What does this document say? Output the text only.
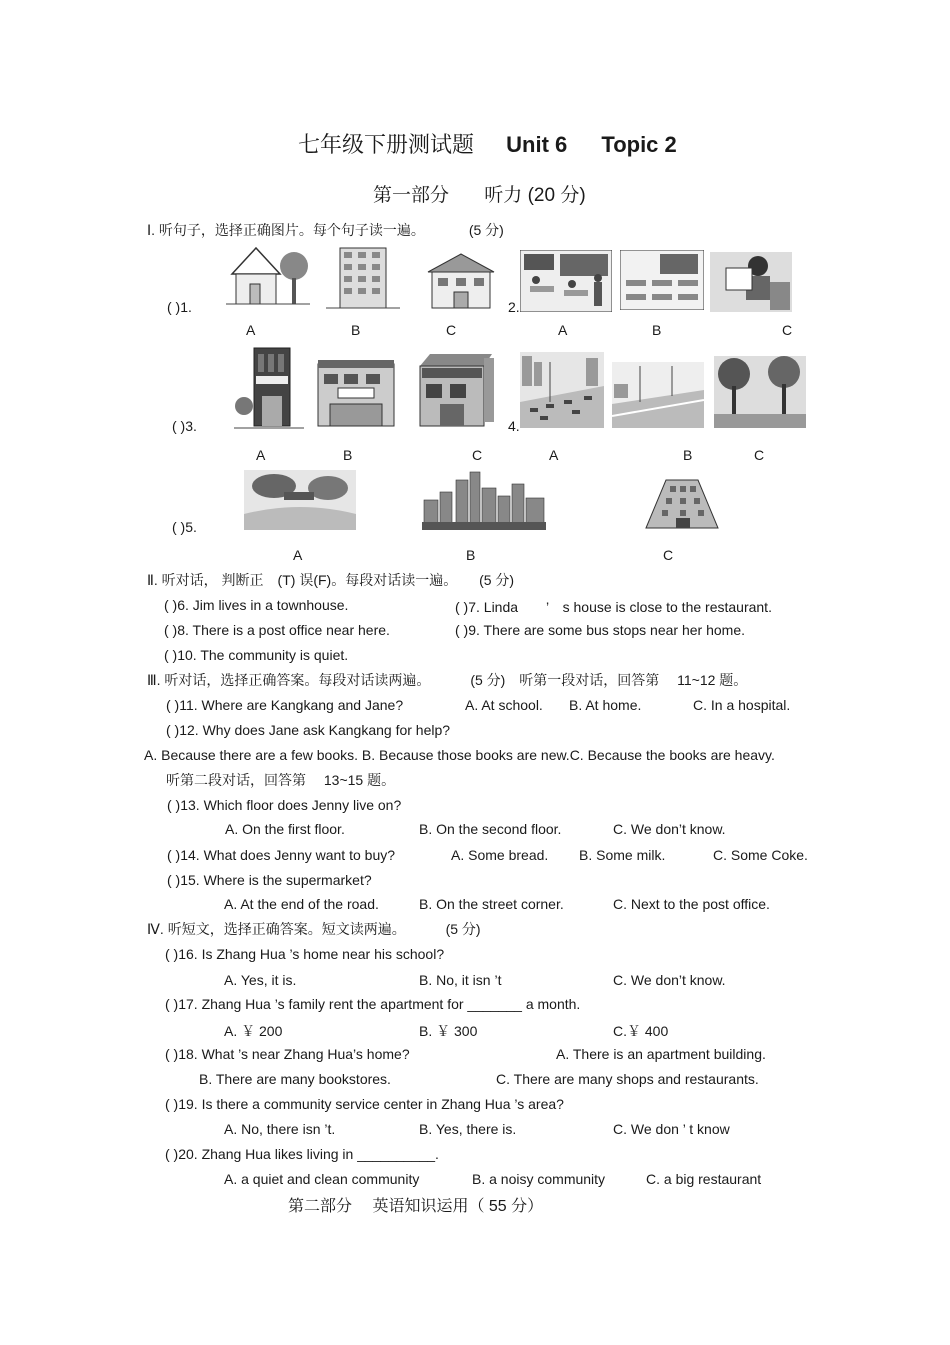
七年级下册测试题 Unit 6 Topic 2
第一部分 听力 (20 分)
Ⅰ. 听句子，选择正确图片。每个句子读一遍。	(5 分)
( )1.	2.
A	B	C	A	B	C
( )3.	4.
A	B	C	A	B	C
( )5.
A	B	C
Ⅱ. 听对话， 判断正　(T) 误(F)。每段对话读一遍。 (5 分)
( )6. Jim lives in a townhouse.	( )7. Linda　　’　s house is close to the restaurant.
( )8. There is a post office near here.	( )9. There are some bus stops near her home.
( )10. The community is quiet.
Ⅲ. 听对话，选择正确答案。每段对话读两遍。	(5 分) 听第一段对话，回答第　 11~12 题。
( )11. Where are Kangkang and Jane?	A. At school. B. At home.	C. In a hospital.
( )12. Why does Jane ask Kangkang for help?
A. Because there are a few books. B. Because those books are new.C. Because the books are heavy.
听第二段对话，回答第　 13~15 题。
( )13. Which floor does Jenny live on?
A. On the first floor.	B. On the second floor.	C. We don’t know.
( )14. What does Jenny want to buy?	A. Some bread. B. Some milk.	C. Some Coke.
( )15. Where is the supermarket?
A. At the end of the road.	B. On the street corner.	C. Next to the post office.
Ⅳ. 听短文，选择正确答案。短文读两遍。	(5 分)
( )16. Is Zhang Hua ’s home near his school?
A. Yes, it is.	B. No, it isn ’t	C. We don’t know.
( )17. Zhang Hua ’s family rent the apartment for _______ a month.
A. ￥ 200	B. ￥ 300	C.￥ 400
( )18. What ’s near Zhang Hua’s home?	A. There is an apartment building.
B. There are many bookstores.	C. There are many shops and restaurants.
( )19. Is there a community service center in Zhang Hua ’s area?
A. No, there isn ’t.	B. Yes, there is.	C. We don ’ t know
( )20. Zhang Hua likes living in __________.
A. a quiet and clean community	B. a noisy community	C. a big restaurant
第二部分　 英语知识运用（ 55 分）
